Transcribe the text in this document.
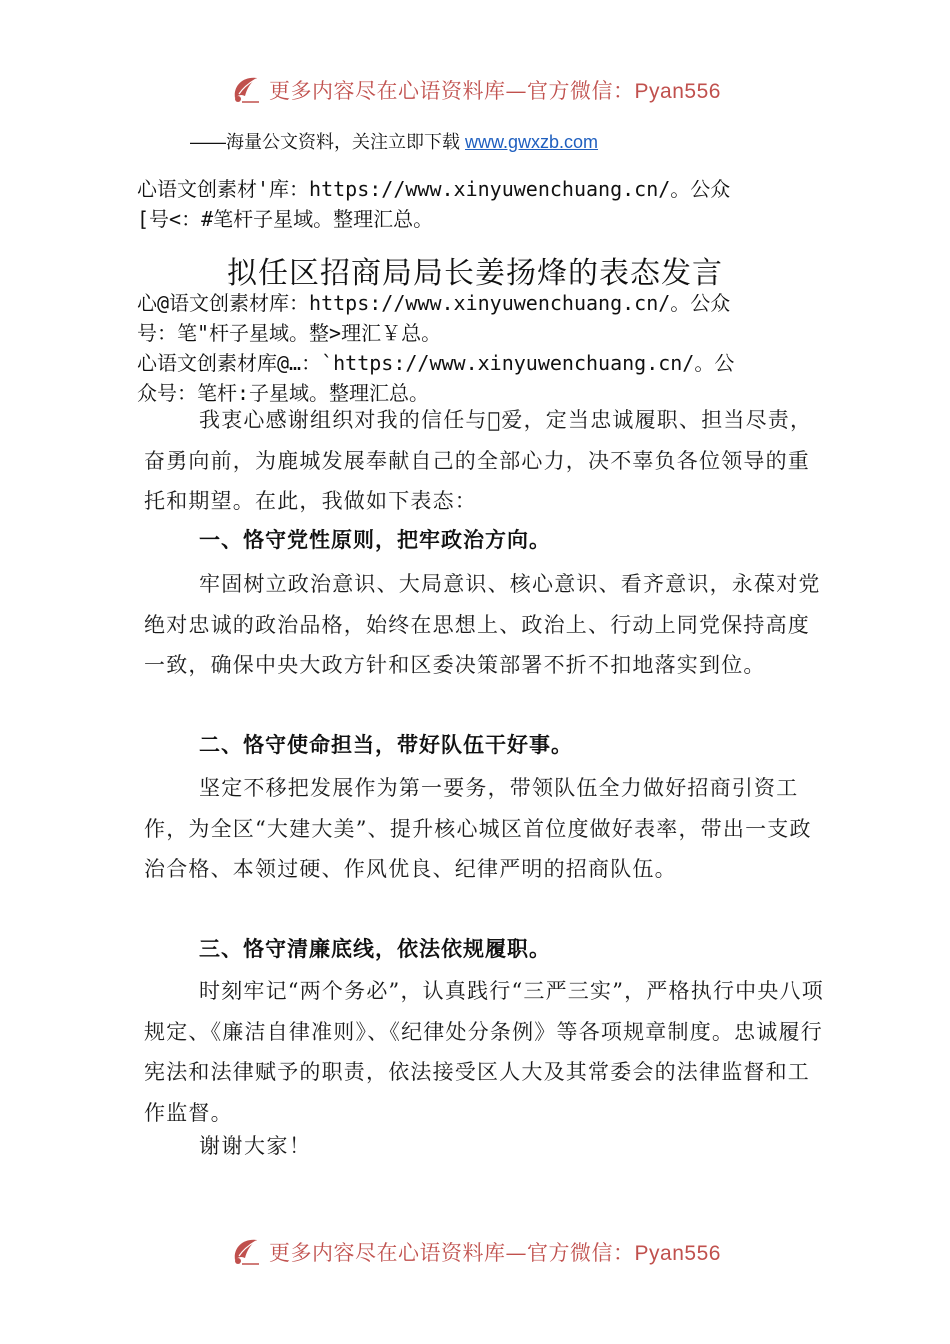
更多内容尽在心语资料库—官方微信：Pyan556
——海量公文资料，关注立即下载 www.gwxzb.com
心语文创素材'库：https://www.xinyuwenchuang.cn/。公众
[号<：#笔杆子星域。整理汇总。
拟任区招商局局长姜扬烽的表态发言
心@语文创素材库：https://www.xinyuwenchuang.cn/。公众
号：笔"杆子星域。整>理汇￥总。
心语文创素材库@…：`https://www.xinyuwenchuang.cn/。公
众号：笔杆:子星域。整理汇总。
我衷心感谢组织对我的信任与 爱，定当忠诚履职、担当尽责，奋勇向前，为鹿城发展奉献自己的全部心力，决不辜负各位领导的重托和期望。在此，我做如下表态：
一、恪守党性原则，把牢政治方向。
牢固树立政治意识、大局意识、核心意识、看齐意识，永葆对党绝对忠诚的政治品格，始终在思想上、政治上、行动上同党保持高度一致，确保中央大政方针和区委决策部署不折不扣地落实到位。
二、恪守使命担当，带好队伍干好事。
坚定不移把发展作为第一要务，带领队伍全力做好招商引资工作，为全区“大建大美”、提升核心城区首位度做好表率，带出一支政治合格、本领过硬、作风优良、纪律严明的招商队伍。
三、恪守清廉底线，依法依规履职。
时刻牢记“两个务必”，认真践行“三严三实”，严格执行中央八项规定、《廉洁自律准则》、《纪律处分条例》等各项规章制度。忠诚履行宪法和法律赋予的职责，依法接受区人大及其常委会的法律监督和工作监督。
谢谢大家！
更多内容尽在心语资料库—官方微信：Pyan556
